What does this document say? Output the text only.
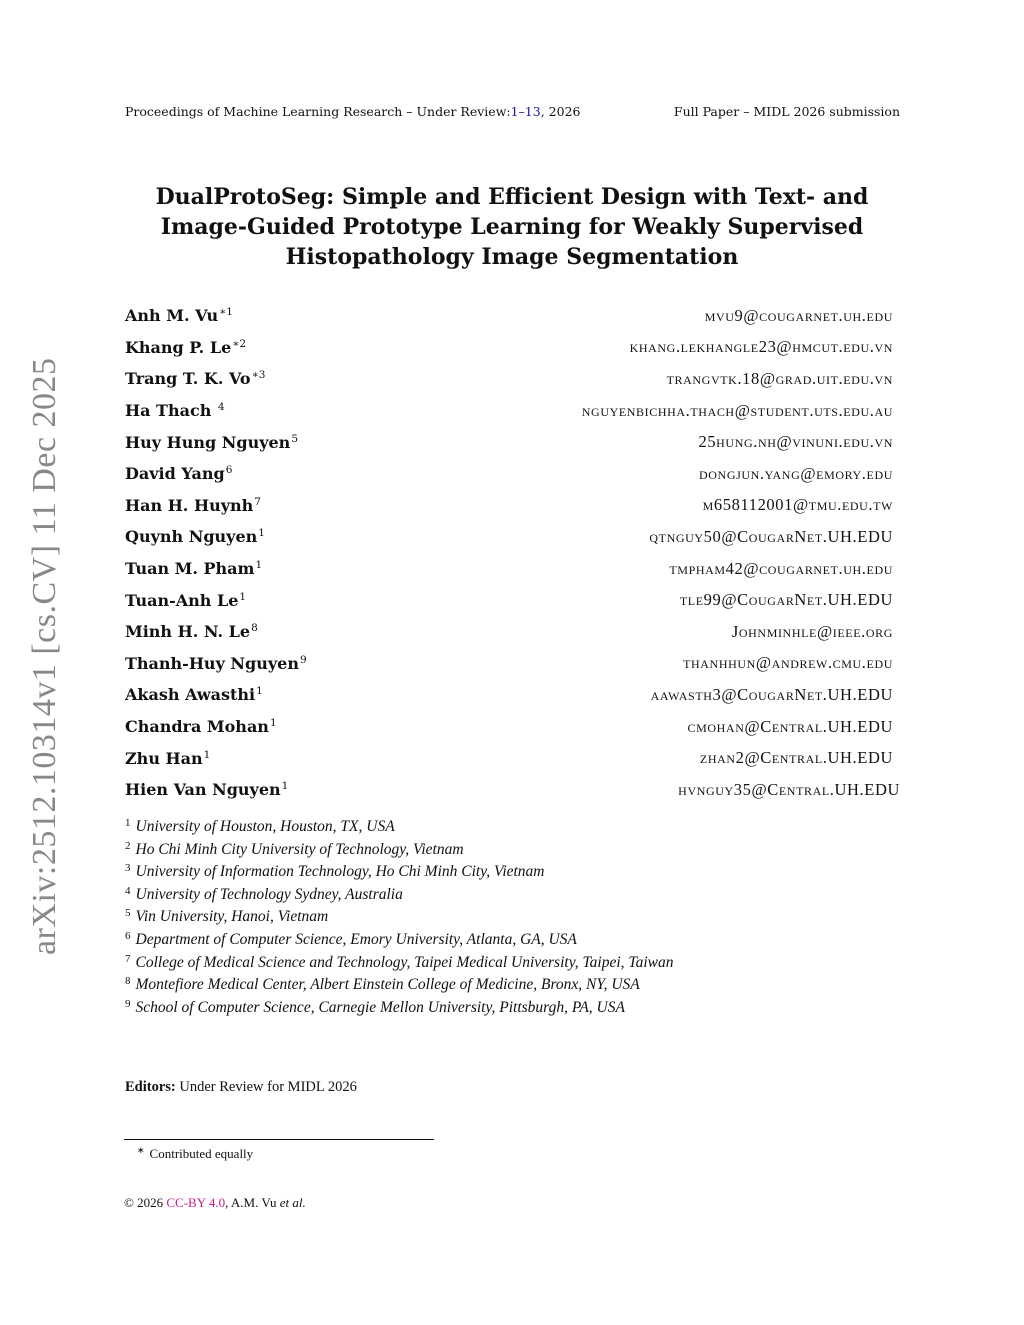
Proceedings of Machine Learning Research – Under Review:1–13, 2026	Full Paper – MIDL 2026 submission
arXiv:2512.10314v1 [cs.CV] 11 Dec 2025
DualProtoSeg: Simple and Efficient Design with Text- and
Image-Guided Prototype Learning for Weakly Supervised
Histopathology Image Segmentation
Anh M. $Vu^{∗1}$	mvu9@cougarnet.uh.edu
Khang P. $Le^{∗2}$	khang.lekhangle23@hmcut.edu.vn
Trang T. K. $Vo^{∗3}$	trangvtk.18@grad.uit.edu.vn
Ha Thach $^4$	nguyenbichha.thach@student.uts.edu.au
Huy Hung Nguyen$^5$	25hung.nh@vinuni.edu.vn
David Yang$^6$	dongjun.yang@emory.edu
Han H. Huynh$^7$	m658112001@tmu.edu.tw
Quynh Nguyen$^1$	qtnguy50@CougarNet.UH.EDU
Tuan M. Pham$^1$	tmpham42@cougarnet.uh.edu
Tuan-Anh Le$^1$	tle99@CougarNet.UH.EDU
Minh H. N. Le$^8$	Johnminhle@ieee.org
Thanh-Huy Nguyen$^9$	thanhhun@andrew.cmu.edu
Akash Awasthi$^1$	aawasth3@CougarNet.UH.EDU
Chandra Mohan$^1$	cmohan@Central.UH.EDU
Zhu Han$^1$	zhan2@Central.UH.EDU
Hien Van Nguyen$^1$	hvnguy35@Central.UH.EDU
$^1$ University of Houston, Houston, TX, USA
$^2$ Ho Chi Minh City University of Technology, Vietnam
$^3$ University of Information Technology, Ho Chi Minh City, Vietnam
$^4$ University of Technology Sydney, Australia
$^5$ Vin University, Hanoi, Vietnam
$^6$ Department of Computer Science, Emory University, Atlanta, GA, USA
$^7$ College of Medical Science and Technology, Taipei Medical University, Taipei, Taiwan
$^8$ Montefiore Medical Center, Albert Einstein College of Medicine, Bronx, NY, USA
$^9$ School of Computer Science, Carnegie Mellon University, Pittsburgh, PA, USA
Editors: Under Review for MIDL 2026
∗ Contributed equally
© 2026 CC-BY 4.0, A.M. Vu et al.
